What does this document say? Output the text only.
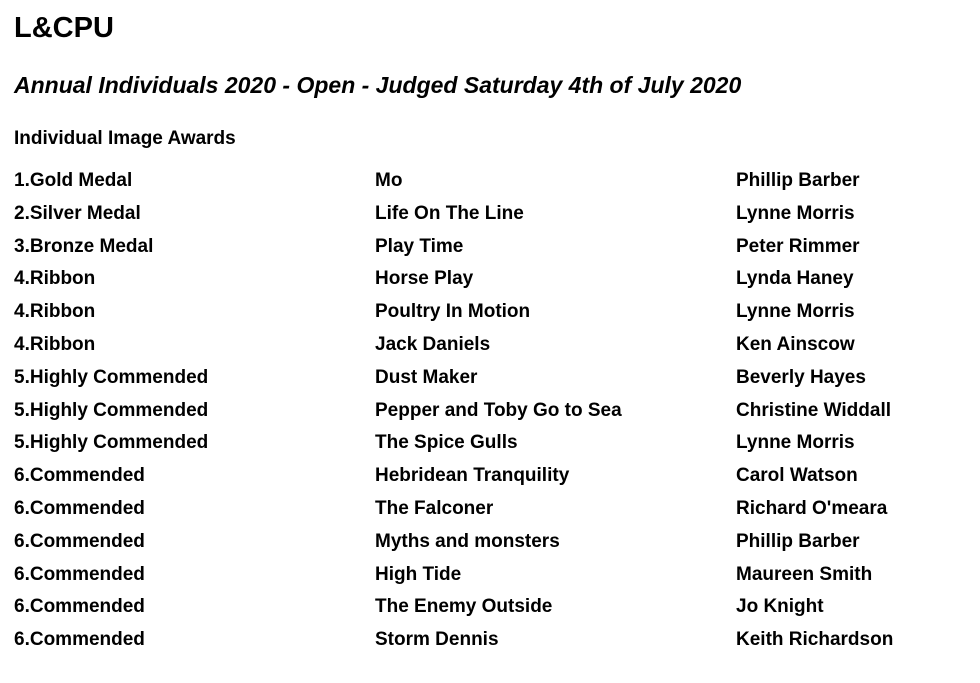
L&CPU
Annual Individuals 2020 - Open - Judged Saturday 4th of July 2020
Individual Image Awards
1.Gold Medal	Mo	Phillip Barber
2.Silver Medal	Life On The Line	Lynne Morris
3.Bronze Medal	Play Time	Peter Rimmer
4.Ribbon	Horse Play	Lynda Haney
4.Ribbon	Poultry In Motion	Lynne Morris
4.Ribbon	Jack Daniels	Ken Ainscow
5.Highly Commended	Dust Maker	Beverly Hayes
5.Highly Commended	Pepper and Toby Go to Sea	Christine Widdall
5.Highly Commended	The Spice Gulls	Lynne Morris
6.Commended	Hebridean Tranquility	Carol Watson
6.Commended	The Falconer	Richard O'meara
6.Commended	Myths and monsters	Phillip Barber
6.Commended	High Tide	Maureen Smith
6.Commended	The Enemy Outside	Jo Knight
6.Commended	Storm Dennis	Keith Richardson
